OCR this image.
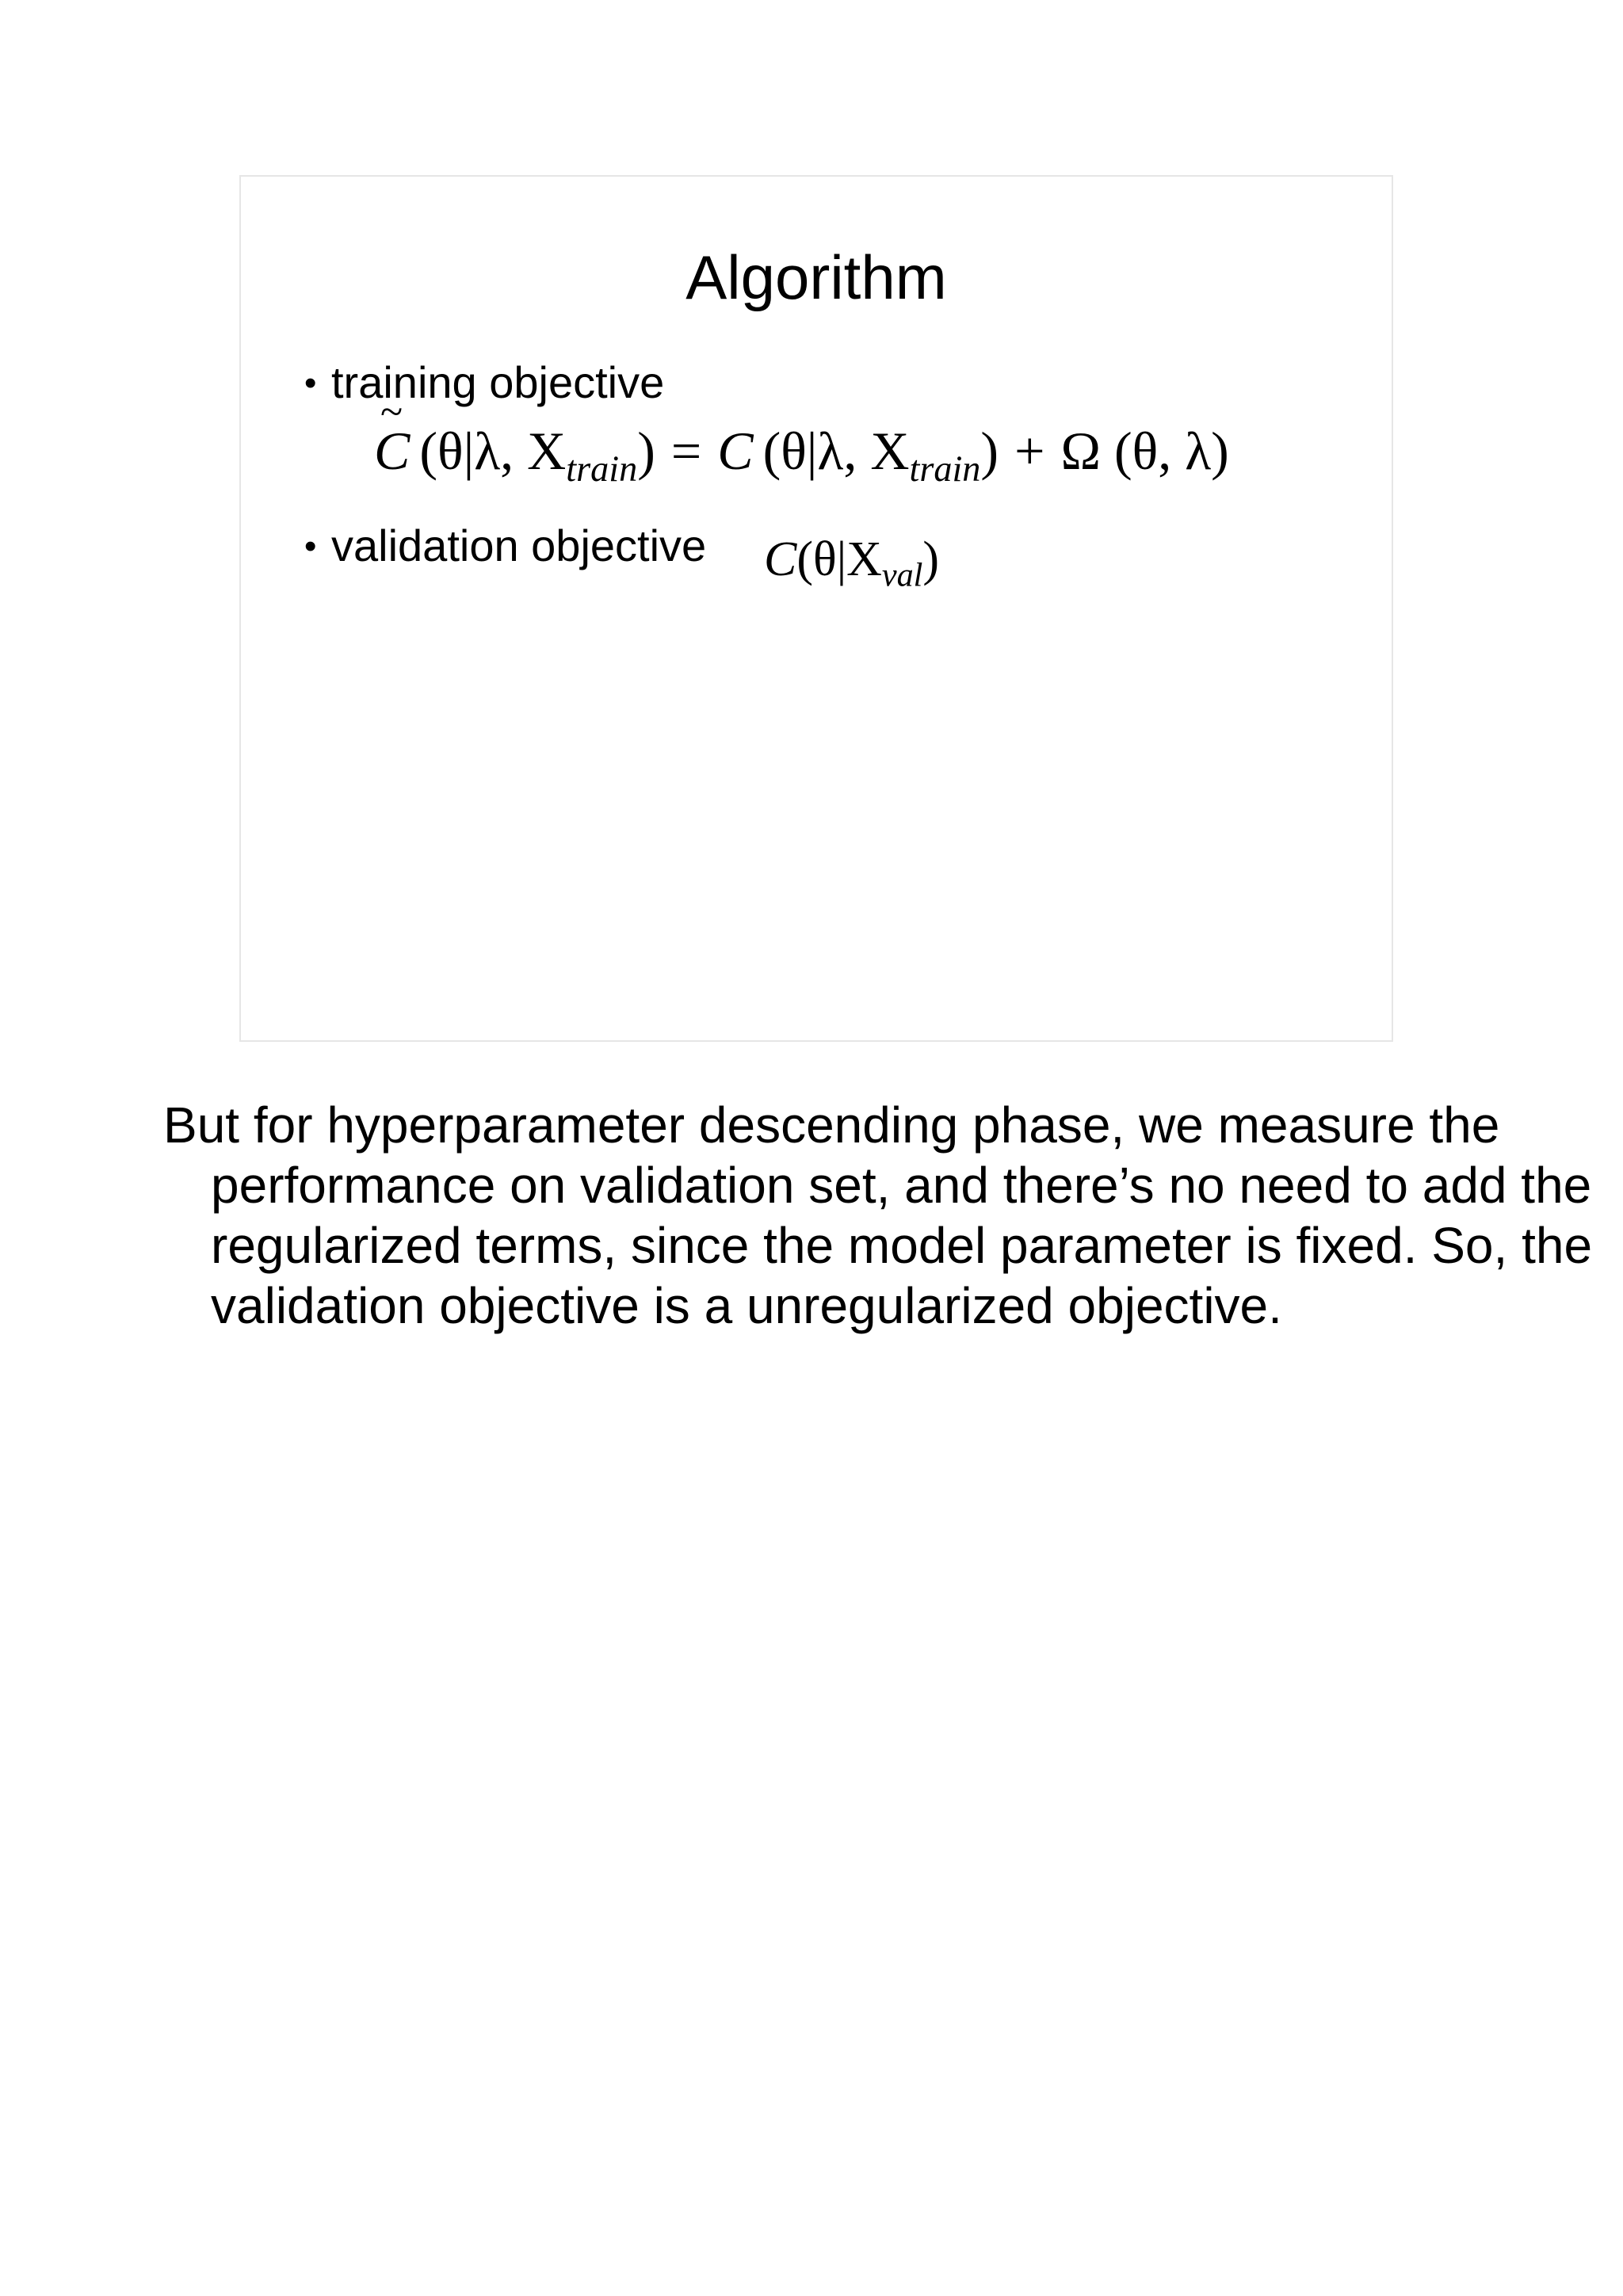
Algorithm
• training objective
~ C (θ|λ, $X_{train}) = C$ (θ|λ, $X_{train}) + \Omega$ (θ, λ)
• validation objective $C(\theta|X_{val})$
But for hyperparameter descending phase, we measure the performance on validation set, and there’s no need to add the regularized terms, since the model parameter is fixed. So, the validation objective is a unregularized objective.
